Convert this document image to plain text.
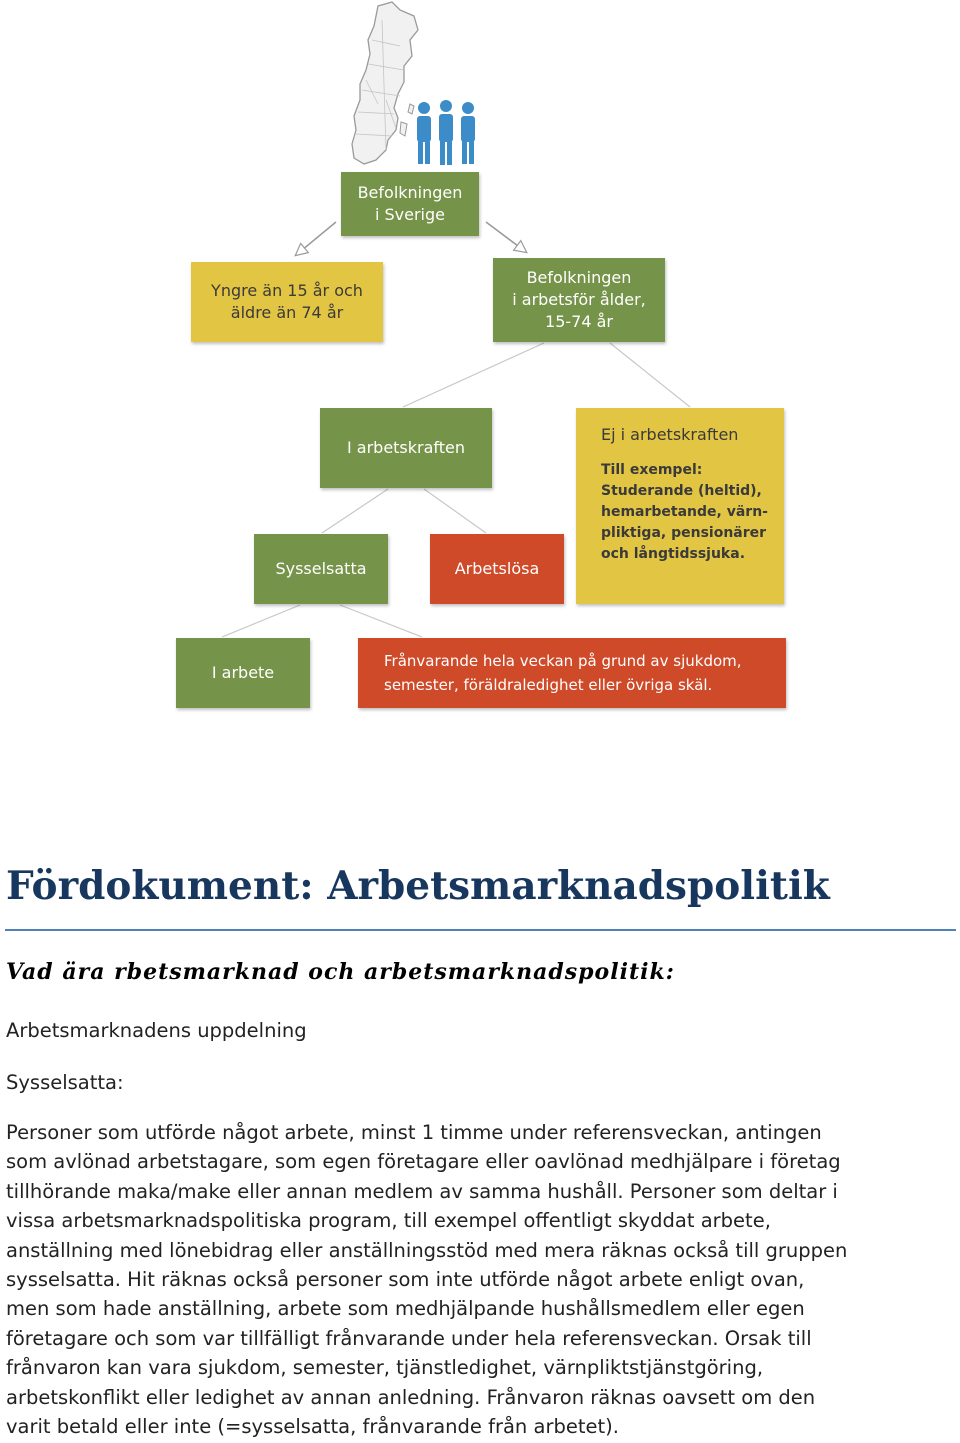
Befolkningen
i Sverige
Yngre än 15 år och
äldre än 74 år
Befolkningen
i arbetsför ålder,
15-74 år
I arbetskraften
Ej i arbetskraften
Till exempel:
Studerande (heltid),
hemarbetande, värn-
pliktiga, pensionärer
och långtidssjuka.
Sysselsatta	Arbetslösa
I arbete
Frånvarande hela veckan på grund av sjukdom,
semester, föräldraledighet eller övriga skäl.
Fördokument: Arbetsmarknadspolitik
Vad ära rbetsmarknad och arbetsmarknadspolitik:

Arbetsmarknadens uppdelning

Sysselsatta:

Personer som utförde något arbete, minst 1 timme under referensveckan, antingen
som avlönad arbetstagare, som egen företagare eller oavlönad medhjälpare i företag
tillhörande maka/make eller annan medlem av samma hushåll. Personer som deltar i
vissa arbetsmarknadspolitiska program, till exempel offentligt skyddat arbete,
anställning med lönebidrag eller anställningsstöd med mera räknas också till gruppen
sysselsatta. Hit räknas också personer som inte utförde något arbete enligt ovan,
men som hade anställning, arbete som medhjälpande hushållsmedlem eller egen
företagare och som var tillfälligt frånvarande under hela referensveckan. Orsak till
frånvaron kan vara sjukdom, semester, tjänstledighet, värnpliktstjänstgöring,
arbetskonflikt eller ledighet av annan anledning. Frånvaron räknas oavsett om den
varit betald eller inte (=sysselsatta, frånvarande från arbetet).
